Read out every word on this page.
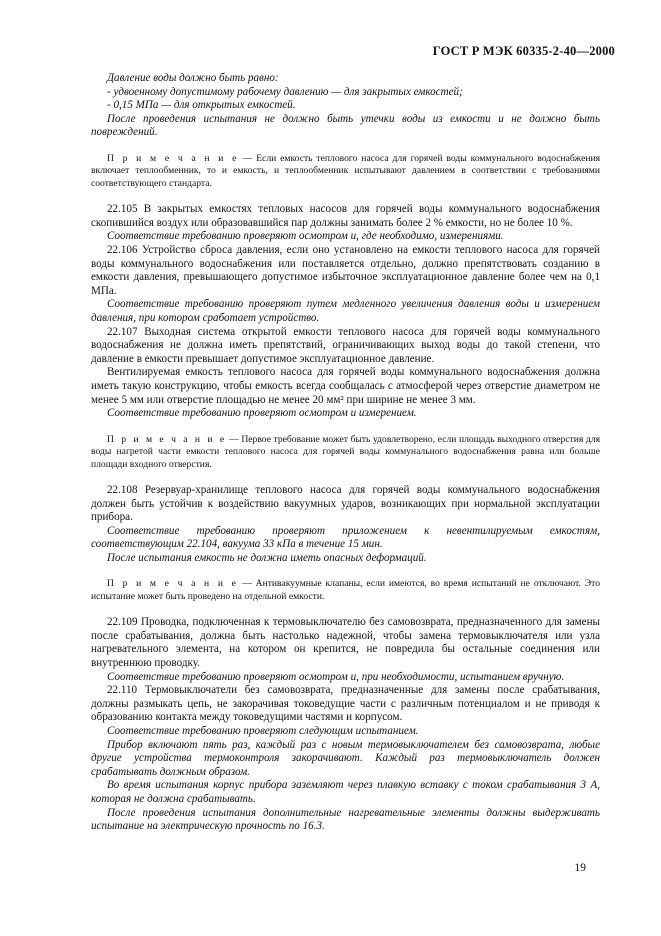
ГОСТ Р МЭК 60335-2-40—2000

Давление воды должно быть равно:

- удвоенному допустимому рабочему давлению — для закрытых емкостей;

- 0,15 МПа — для открытых емкостей.

После проведения испытания не должно быть утечки воды из емкости и не должно быть повреждений.

П р и м е ч а н и е — Если емкость теплового насоса для горячей воды коммунального водоснабжения включает теплообменник, то и емкость, и теплообменник испытывают давлением в соответствии с требованиями соответствующего стандарта.

22.105 В закрытых емкостях тепловых насосов для горячей воды коммунального водоснабжения скопившийся воздух или образовавшийся пар должны занимать более 2 % емкости, но не более 10 %.

Соответствие требованию проверяют осмотром и, где необходимо, измерениями.

22.106 Устройство сброса давления, если оно установлено на емкости теплового насоса для горячей воды коммунального водоснабжения или поставляется отдельно, должно препятствовать созданию в емкости давления, превышающего допустимое избыточное эксплуатационное давление более чем на 0,1 МПа.

Соответствие требованию проверяют путем медленного увеличения давления воды и измерением давления, при котором сработает устройство.

22.107 Выходная система открытой емкости теплового насоса для горячей воды коммунального водоснабжения не должна иметь препятствий, ограничивающих выход воды до такой степени, что давление в емкости превышает допустимое эксплуатационное давление.

Вентилируемая емкость теплового насоса для горячей воды коммунального водоснабжения должна иметь такую конструкцию, чтобы емкость всегда сообщалась с атмосферой через отверстие диаметром не менее 5 мм или отверстие площадью не менее 20 мм² при ширине не менее 3 мм.

Соответствие требованию проверяют осмотром и измерением.

П р и м е ч а н и е — Первое требование может быть удовлетворено, если площадь выходного отверстия для воды нагретой части емкости теплового насоса для горячей воды коммунального водоснабжения равна или больше площади входного отверстия.

22.108 Резервуар-хранилище теплового насоса для горячей воды коммунального водоснабжения должен быть устойчив к воздействию вакуумных ударов, возникающих при нормальной эксплуатации прибора.

Соответствие требованию проверяют приложением к невентилируемым емкостям, соответствующим 22.104, вакуума 33 кПа в течение 15 мин.

После испытания емкость не должна иметь опасных деформаций.

П р и м е ч а н и е — Антивакуумные клапаны, если имеются, во время испытаний не отключают. Это испытание может быть проведено на отдельной емкости.

22.109 Проводка, подключенная к термовыключателю без самовозврата, предназначенного для замены после срабатывания, должна быть настолько надежной, чтобы замена термовыключателя или узла нагревательного элемента, на котором он крепится, не повредила бы остальные соединения или внутреннюю проводку.

Соответствие требованию проверяют осмотром и, при необходимости, испытанием вручную.

22.110 Термовыключатели без самовозврата, предназначенные для замены после срабатывания, должны размыкать цепь, не закорачивая токоведущие части с различным потенциалом и не приводя к образованию контакта между токоведущими частями и корпусом.

Соответствие требованию проверяют следующим испытанием.

Прибор включают пять раз, каждый раз с новым термовыключателем без самовозврата, любые другие устройства термоконтроля закорачивают. Каждый раз термовыключатель должен срабатывать должным образом.

Во время испытания корпус прибора заземляют через плавкую вставку с током срабатывания 3 А, которая не должна срабатывать.

После проведения испытания дополнительные нагревательные элементы должны выдерживать испытание на электрическую прочность по 16.3.

19
